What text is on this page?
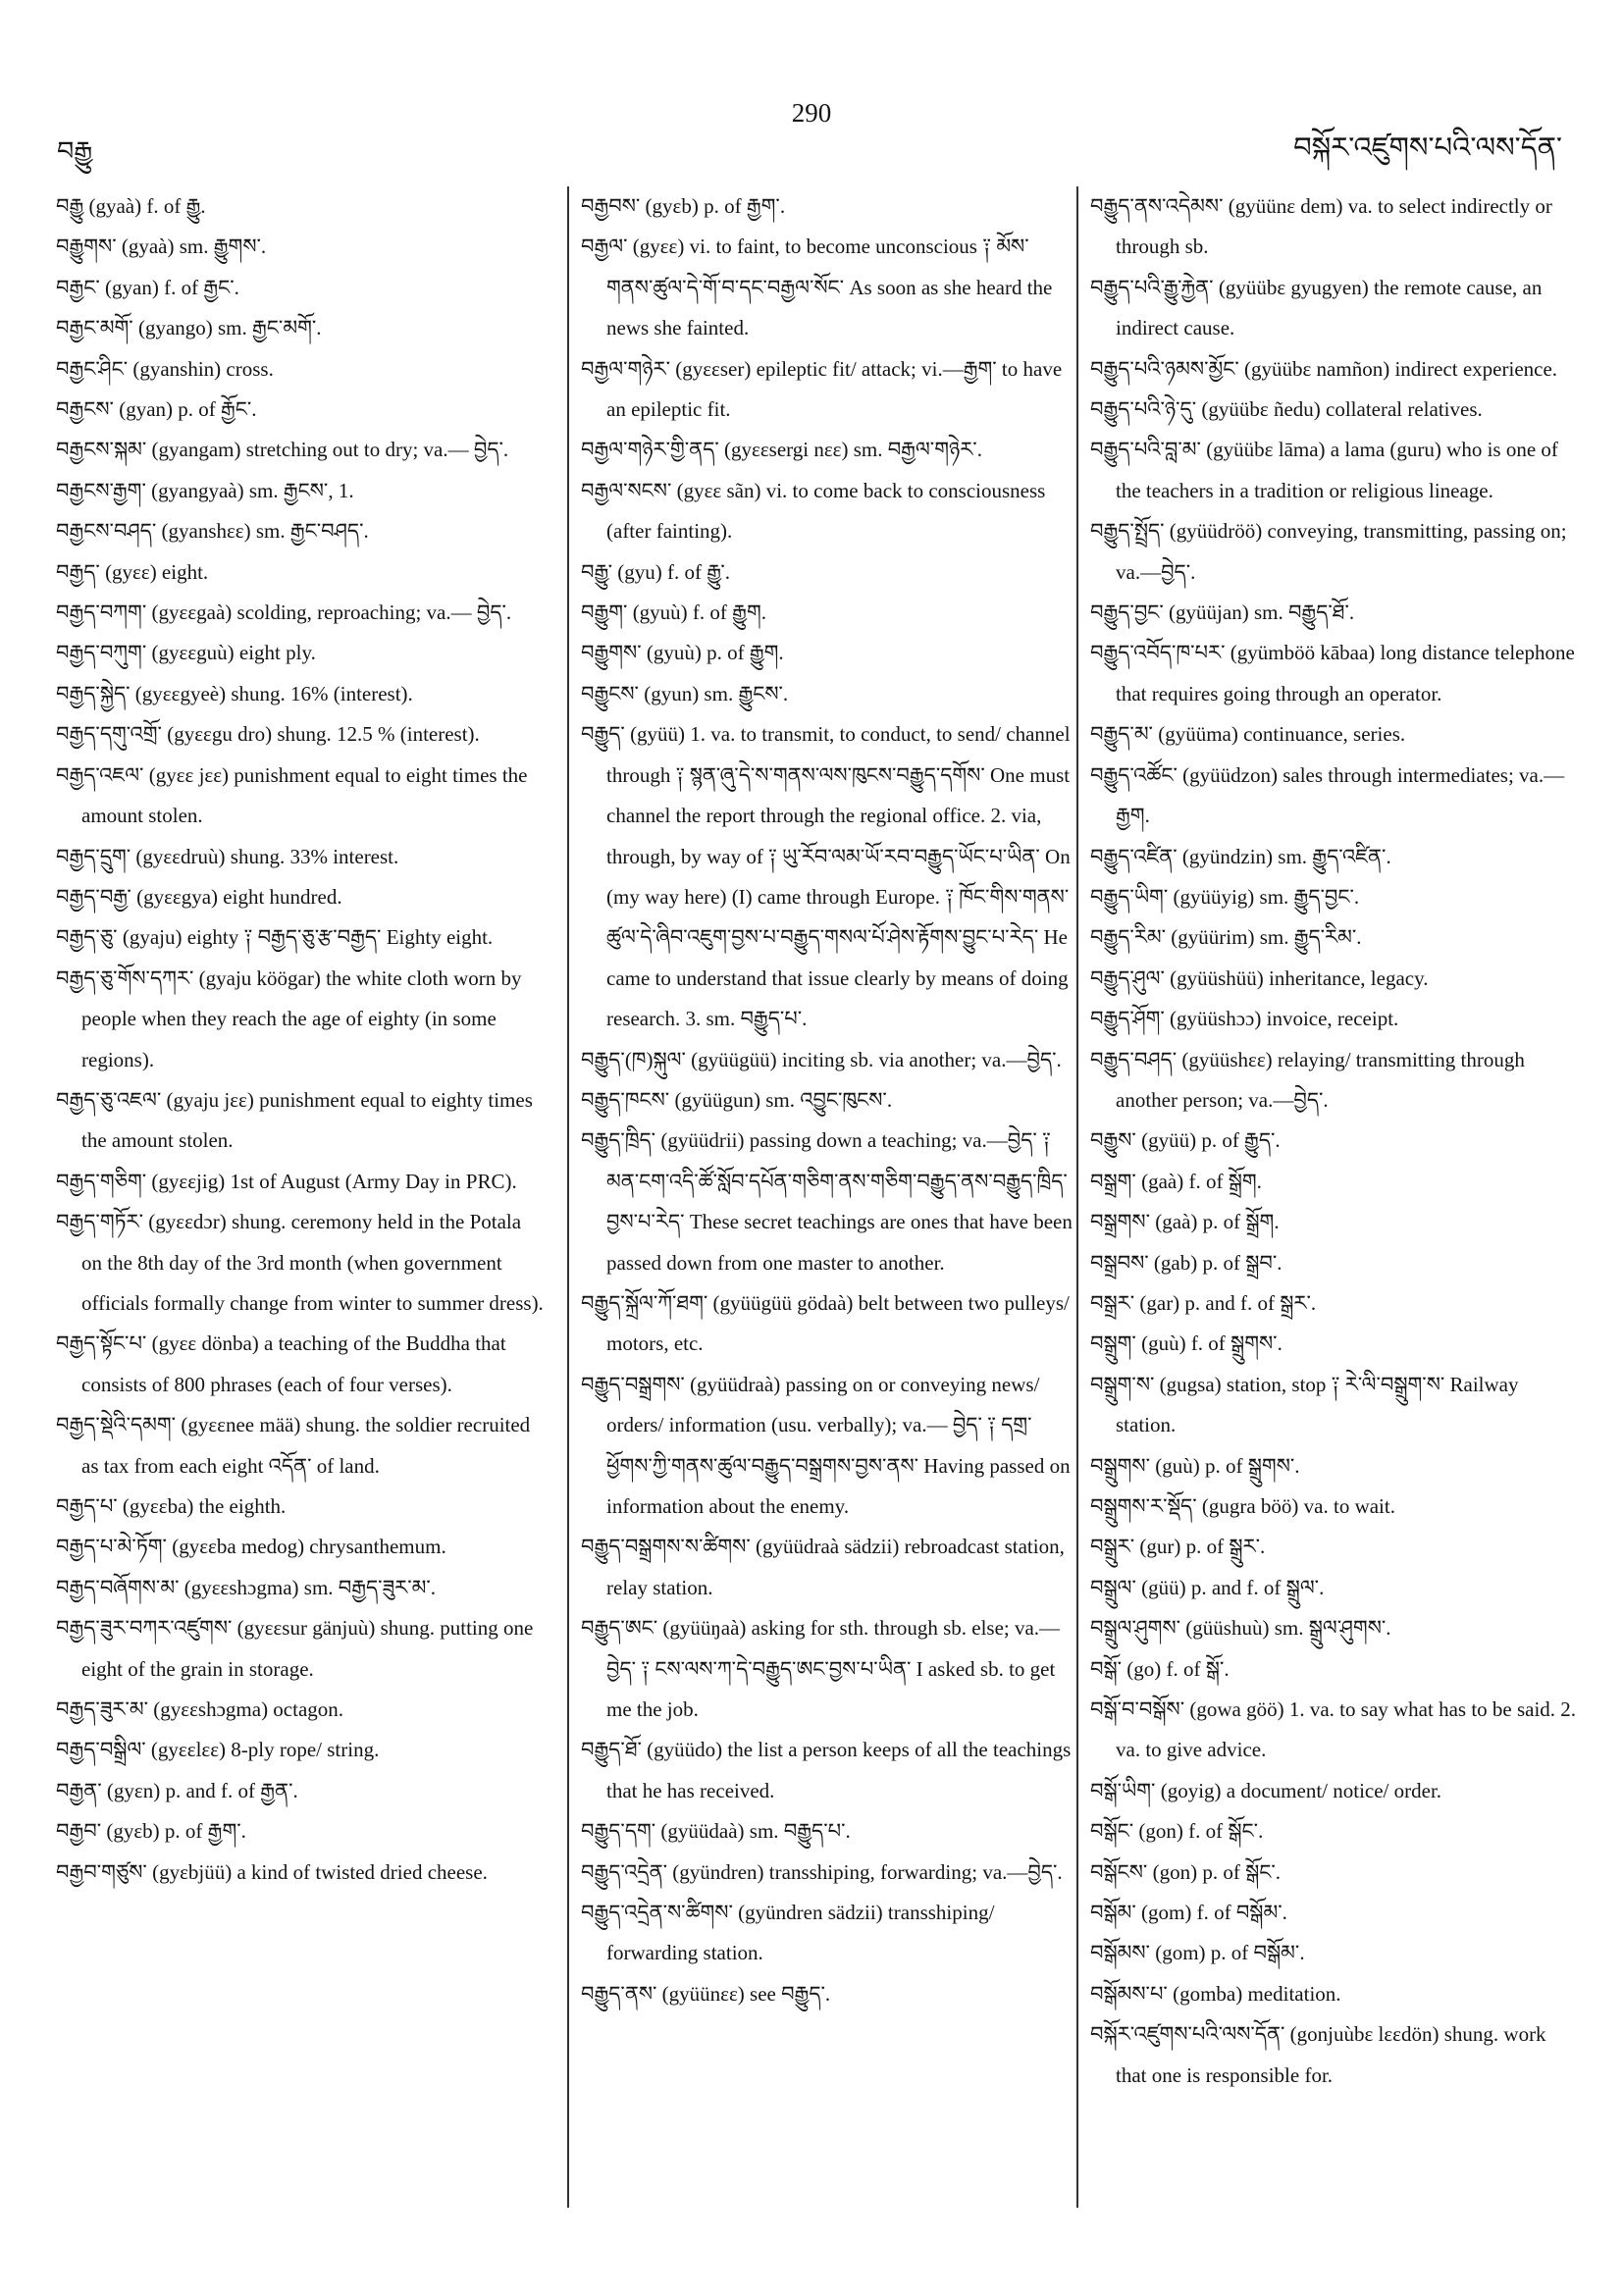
བརྒྱུ
290
བསྐོར་འཛུགས་པའི་ལས་དོན་
བརྒྱུ (gyaà) f. of རྒྱུ.
བརྒྱུགས་ (gyaà) sm. རྒྱུགས་.
བརྒྱང་ (gyan) f. of རྒྱང་.
བརྒྱང་མགོ་ (gyango) sm. རྒྱང་མགོ་.
བརྒྱང་ཤིང་ (gyanshin) cross.
བརྒྱངས་ (gyan) p. of རྒྱོང་.
བརྒྱངས་སྐམ་ (gyangam) stretching out to dry; va.— བྱེད་.
བརྒྱངས་རྒྱག་ (gyangyaà) sm. རྒྱངས་, 1.
བརྒྱངས་བཤད་ (gyanshεε) sm. རྒྱང་བཤད་.
བརྒྱད་ (gyεε) eight.
བརྒྱད་བཀག་ (gyεεgaà) scolding, reproaching; va.— བྱེད་.
བརྒྱད་བཀུག་ (gyεεguù) eight ply.
བརྒྱད་སྐྱེད་ (gyεεgyeè) shung. 16% (interest).
བརྒྱད་དགུ་འགྲོ་ (gyεεgu dro) shung. 12.5 % (interest).
བརྒྱད་འཇལ་ (gyεε jεε) punishment equal to eight times the amount stolen.
བརྒྱད་དྲུག་ (gyεεdruù) shung. 33% interest.
བརྒྱད་བརྒྱ་ (gyεεgya) eight hundred.
བརྒྱད་ཅུ་ (gyaju) eighty ༑ བརྒྱད་ཅུ་རྩ་བརྒྱད་ Eighty eight.
བརྒྱད་ཅུ་གོས་དཀར་ (gyaju köögar) the white cloth worn by people when they reach the age of eighty (in some regions).
བརྒྱད་ཅུ་འཇལ་ (gyaju jεε) punishment equal to eighty times the amount stolen.
བརྒྱད་གཅིག་ (gyεεjig) 1st of August (Army Day in PRC).
བརྒྱད་གཏོར་ (gyεεdɔr) shung. ceremony held in the Potala on the 8th day of the 3rd month (when government officials formally change from winter to summer dress).
བརྒྱད་སྟོང་པ་ (gyεε dönba) a teaching of the Buddha that consists of 800 phrases (each of four verses).
བརྒྱད་སྡེའི་དམག་ (gyεεnee mää) shung. the soldier recruited as tax from each eight འདོན་ of land.
བརྒྱད་པ་ (gyεεba) the eighth.
བརྒྱད་པ་མེ་ཏོག་ (gyεεba medog) chrysanthemum.
བརྒྱད་བཞོགས་མ་ (gyεεshɔgma) sm. བརྒྱད་ཟུར་མ་.
བརྒྱད་ཟུར་བཀར་འཛུགས་ (gyεεsur gänjuù) shung. putting one eight of the grain in storage.
བརྒྱད་ཟུར་མ་ (gyεεshɔgma) octagon.
བརྒྱད་བསྒྲིལ་ (gyεεlεε) 8-ply rope/ string.
བརྒྱན་ (gyεn) p. and f. of རྒྱན་.
བརྒྱབ་ (gyεb) p. of རྒྱག་.
བརྒྱབ་གཙུས་ (gyεbjüü) a kind of twisted dried cheese.
བརྒྱབས་ (gyεb) p. of རྒྱག་.
བརྒྱལ་ (gyεε) vi. to faint, to become unconscious ༑ མོས་གནས་ཚུལ་དེ་གོ་བ་དང་བརྒྱལ་སོང་ As soon as she heard the news she fainted.
བརྒྱལ་གཉེར་ (gyεεser) epileptic fit/ attack; vi.—རྒྱག་ to have an epileptic fit.
བརྒྱལ་གཉེར་གྱི་ནད་ (gyεεsergi nεε) sm. བརྒྱལ་གཉེར་.
བརྒྱལ་སངས་ (gyεε sãn) vi. to come back to consciousness (after fainting).
བརྒྱུ་ (gyu) f. of རྒྱུ་.
བརྒྱུག་ (gyuù) f. of རྒྱུག.
བརྒྱུགས་ (gyuù) p. of རྒྱུག.
བརྒྱུངས་ (gyun) sm. རྒྱུངས་.
བརྒྱུད་ (gyüü) 1. va. to transmit, to conduct, to send/ channel through ༑ སྙན་ཞུ་དེ་ས་གནས་ལས་ཁུངས་བརྒྱུད་དགོས་ One must channel the report through the regional office. 2. via, through, by way of ༑ ཡུ་རོབ་ལམ་ཡོ་རབ་བརྒྱུད་ཡོང་པ་ཡིན་ On (my way here) (I) came through Europe. ༑ ཁོང་གིས་གནས་ཚུལ་དེ་ཞིབ་འཇུག་བྱས་པ་བརྒྱུད་གསལ་པོ་ཤེས་རྟོགས་བྱུང་པ་རེད་ He came to understand that issue clearly by means of doing research. 3. sm. བརྒྱུད་པ་.
བརྒྱུད་(ཁ)སྐུལ་ (gyüügüü) inciting sb. via another; va.—བྱེད་.
བརྒྱུད་ཁངས་ (gyüügun) sm. འབྱུང་ཁུངས་.
བརྒྱུད་ཁྲིད་ (gyüüdrii) passing down a teaching; va.—བྱེད་ ༑ མན་ངག་འདི་ཚོ་སློབ་དཔོན་གཅིག་ནས་གཅིག་བརྒྱུད་ནས་བརྒྱུད་ཁྲིད་བྱས་པ་རེད་ These secret teachings are ones that have been passed down from one master to another.
བརྒྱུད་སྐྲོལ་ཀོ་ཐག་ (gyüügüü gödaà) belt between two pulleys/ motors, etc.
བརྒྱུད་བསྒྲགས་ (gyüüdraà) passing on or conveying news/ orders/ information (usu. verbally); va.— བྱེད་ ༑ དགྲ་ཕྱོགས་ཀྱི་གནས་ཚུལ་བརྒྱུད་བསྒྲགས་བྱས་ནས་ Having passed on information about the enemy.
བརྒྱུད་བསྒྲགས་ས་ཚིགས་ (gyüüdraà sädzii) rebroadcast station, relay station.
བརྒྱུད་ཨང་ (gyüüŋaà) asking for sth. through sb. else; va.—བྱེད་ ༑ ངས་ལས་ཀ་དེ་བརྒྱུད་ཨང་བྱས་པ་ཡིན་ I asked sb. to get me the job.
བརྒྱུད་ཐོ་ (gyüüdo) the list a person keeps of all the teachings that he has received.
བརྒྱུད་དག་ (gyüüdaà) sm. བརྒྱུད་པ་.
བརྒྱུད་འདྲེན་ (gyündren) transshiping, forwarding; va.—བྱེད་.
བརྒྱུད་འདྲེན་ས་ཚིགས་ (gyündren sädzii) transshiping/ forwarding station.
བརྒྱུད་ནས་ (gyüünεε) see བརྒྱུད་.
བརྒྱུད་ནས་འདེམས་ (gyüünε dem) va. to select indirectly or through sb.
བརྒྱུད་པའི་རྒྱུ་རྐྱེན་ (gyüübε gyugyen) the remote cause, an indirect cause.
བརྒྱུད་པའི་ཉམས་མྱོང་ (gyüübε namñon) indirect experience.
བརྒྱུད་པའི་ཉེ་དུ་ (gyüübε ñedu) collateral relatives.
བརྒྱུད་པའི་བླ་མ་ (gyüübε lāma) a lama (guru) who is one of the teachers in a tradition or religious lineage.
བརྒྱུད་སྤྲོད་ (gyüüdröö) conveying, transmitting, passing on; va.—བྱེད་.
བརྒྱུད་བྱང་ (gyüüjan) sm. བརྒྱུད་ཐོ་.
བརྒྱུད་འབོད་ཁ་པར་ (gyümböö kābaa) long distance telephone that requires going through an operator.
བརྒྱུད་མ་ (gyüüma) continuance, series.
བརྒྱུད་འཚོང་ (gyüüdzon) sales through intermediates; va.—རྒྱག.
བརྒྱུད་འཛིན་ (gyündzin) sm. རྒྱུད་འཛིན་.
བརྒྱུད་ཡིག་ (gyüüyig) sm. རྒྱུད་བྱང་.
བརྒྱུད་རིམ་ (gyüürim) sm. རྒྱུད་རིམ་.
བརྒྱུད་ཤུལ་ (gyüüshüü) inheritance, legacy.
བརྒྱུད་ཤོག་ (gyüüshɔɔ) invoice, receipt.
བརྒྱུད་བཤད་ (gyüüshεε) relaying/ transmitting through another person; va.—བྱེད་.
བརྒྱུས་ (gyüü) p. of རྒྱུད་.
བསྒྲག་ (gaà) f. of སྒྲོག.
བསྒྲགས་ (gaà) p. of སྒྲོག.
བསྒྲབས་ (gab) p. of སྒྲབ་.
བསྒྲར་ (gar) p. and f. of སྒྲར་.
བསྒྲུག་ (guù) f. of སྒྲུགས་.
བསྒྲུག་ས་ (gugsa) station, stop ༑ རེ་ལི་བསྒྲུག་ས་ Railway station.
བསྒྲུགས་ (guù) p. of སྒྲུགས་.
བསྒྲུགས་ར་སྡོད་ (gugra böö) va. to wait.
བསྒྲུར་ (gur) p. of སྒྲུར་.
བསྒྲུལ་ (güü) p. and f. of སྒྲུལ་.
བསྒྲུལ་ཤུགས་ (güüshuù) sm. སྒྲུལ་ཤུགས་.
བསྒོ་ (go) f. of སྒོ་.
བསྒོ་བ་བསྒོས་ (gowa göö) 1. va. to say what has to be said. 2. va. to give advice.
བསྒོ་ཡིག་ (goyig) a document/ notice/ order.
བསྒོང་ (gon) f. of སྒོང་.
བསྒོངས་ (gon) p. of སྒོང་.
བསྒོམ་ (gom) f. of བསྒོམ་.
བསྒོམས་ (gom) p. of བསྒོམ་.
བསྒོམས་པ་ (gomba) meditation.
བསྐོར་འཛུགས་པའི་ལས་དོན་ (gonjuùbε lεεdön) shung. work that one is responsible for.
